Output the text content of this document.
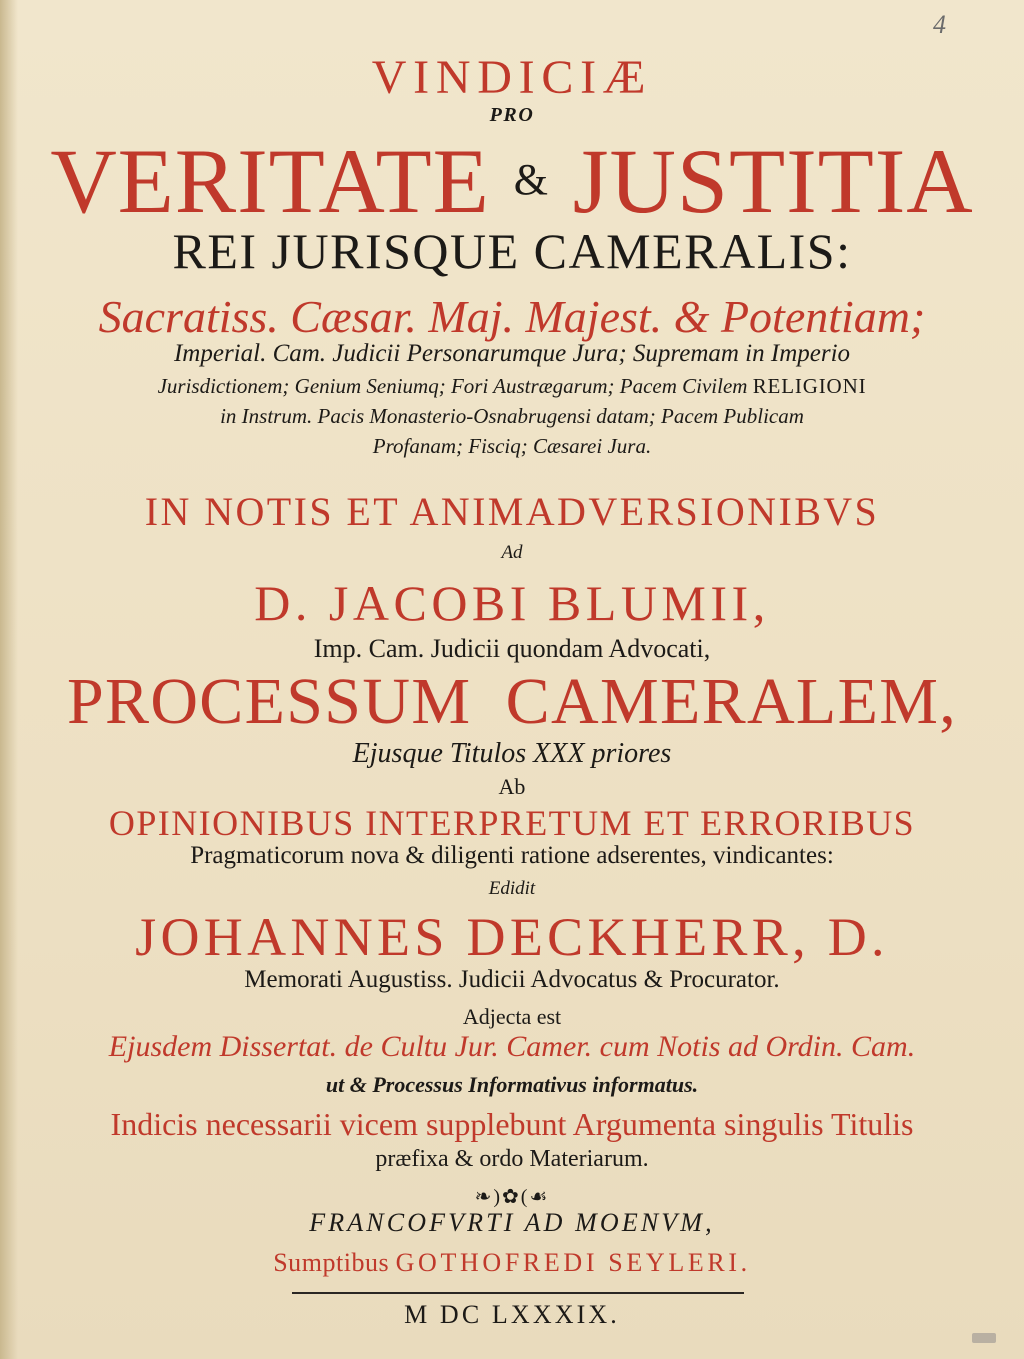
4
VINDICIÆ
PRO
VERITATE & JUSTITIA
REI JURISQUE CAMERALIS:
Sacratiss. Cæsar. Maj. Majest. & Potentiam;
Imperial. Cam. Judicii Personarumque Jura; Supremam in Imperio
Jurisdictionem; Genium Seniumq; Fori Austrægarum; Pacem Civilem RELIGIONI
in Instrum. Pacis Monasterio-Osnabrugensi datam; Pacem Publicam
Profanam; Fisciq; Cæsarei Jura.
IN NOTIS ET ANIMADVERSIONIBVS
Ad
D. JACOBI BLUMII,
Imp. Cam. Judicii quondam Advocati,
PROCESSUM CAMERALEM,
Ejusque Titulos XXX priores
Ab
OPINIONIBUS INTERPRETUM ET ERRORIBUS
Pragmaticorum nova & diligenti ratione adserentes, vindicantes:
Edidit
JOHANNES DECKHERR, D.
Memorati Augustiss. Judicii Advocatus & Procurator.
Adjecta est
Ejusdem Dissertat. de Cultu Jur. Camer. cum Notis ad Ordin. Cam.
ut & Processus Informativus informatus.
Indicis necessarii vicem supplebunt Argumenta singulis Titulis
præfixa & ordo Materiarum.
❧)✿(☙
FRANCOFVRTI AD MOENVM,
Sumptibus GOTHOFREDI SEYLERI.
M DC LXXXIX.
